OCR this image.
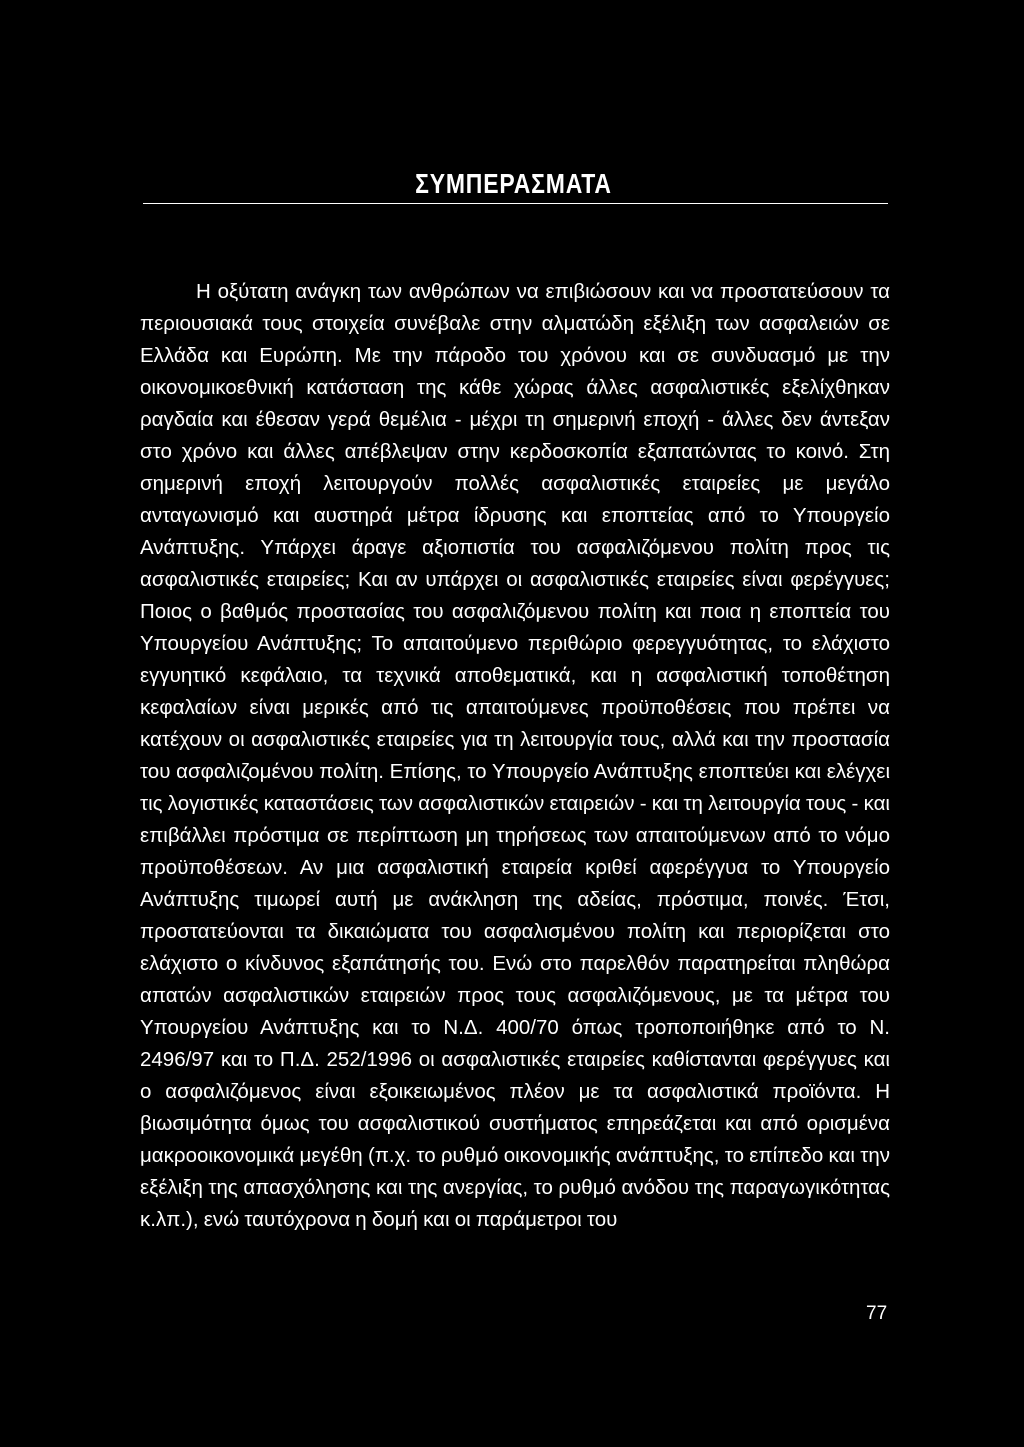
ΣΥΜΠΕΡΑΣΜΑΤΑ

Η οξύτατη ανάγκη των ανθρώπων να επιβιώσουν και να προστατεύσουν τα περιουσιακά τους στοιχεία συνέβαλε στην αλματώδη εξέλιξη των ασφαλειών σε Ελλάδα και Ευρώπη. Με την πάροδο του χρόνου και σε συνδυασμό με την οικονομικοεθνική κατάσταση της κάθε χώρας άλλες ασφαλιστικές εξελίχθηκαν ραγδαία και έθεσαν γερά θεμέλια - μέχρι τη σημερινή εποχή - άλλες δεν άντεξαν στο χρόνο και άλλες απέβλεψαν στην κερδοσκοπία εξαπατώντας το κοινό. Στη σημερινή εποχή λειτουργούν πολλές ασφαλιστικές εταιρείες με μεγάλο ανταγωνισμό και αυστηρά μέτρα ίδρυσης και εποπτείας από το Υπουργείο Ανάπτυξης. Υπάρχει άραγε αξιοπιστία του ασφαλιζόμενου πολίτη προς τις ασφαλιστικές εταιρείες; Και αν υπάρχει οι ασφαλιστικές εταιρείες είναι φερέγγυες; Ποιος ο βαθμός προστασίας του ασφαλιζόμενου πολίτη και ποια η εποπτεία του Υπουργείου Ανάπτυξης; Το απαιτούμενο περιθώριο φερεγγυότητας, το ελάχιστο εγγυητικό κεφάλαιο, τα τεχνικά αποθεματικά, και η ασφαλιστική τοποθέτηση κεφαλαίων είναι μερικές από τις απαιτούμενες προϋποθέσεις που πρέπει να κατέχουν οι ασφαλιστικές εταιρείες για τη λειτουργία τους, αλλά και την προστασία του ασφαλιζομένου πολίτη. Επίσης, το Υπουργείο Ανάπτυξης εποπτεύει και ελέγχει τις λογιστικές καταστάσεις των ασφαλιστικών εταιρειών - και τη λειτουργία τους - και επιβάλλει πρόστιμα σε περίπτωση μη τηρήσεως των απαιτούμενων από το νόμο προϋποθέσεων. Αν μια ασφαλιστική εταιρεία κριθεί αφερέγγυα το Υπουργείο Ανάπτυξης τιμωρεί αυτή με ανάκληση της αδείας, πρόστιμα, ποινές. Έτσι, προστατεύονται τα δικαιώματα του ασφαλισμένου πολίτη και περιορίζεται στο ελάχιστο ο κίνδυνος εξαπάτησής του. Ενώ στο παρελθόν παρατηρείται πληθώρα απατών ασφαλιστικών εταιρειών προς τους ασφαλιζόμενους, με τα μέτρα του Υπουργείου Ανάπτυξης και το Ν.Δ. 400/70 όπως τροποποιήθηκε από το Ν. 2496/97 και το Π.Δ. 252/1996 οι ασφαλιστικές εταιρείες καθίστανται φερέγγυες και ο ασφαλιζόμενος είναι εξοικειωμένος πλέον με τα ασφαλιστικά προϊόντα. Η βιωσιμότητα όμως του ασφαλιστικού συστήματος επηρεάζεται και από ορισμένα μακροοικονομικά μεγέθη (π.χ. το ρυθμό οικονομικής ανάπτυξης, το επίπεδο και την εξέλιξη της απασχόλησης και της ανεργίας, το ρυθμό ανόδου της παραγωγικότητας κ.λπ.), ενώ ταυτόχρονα η δομή και οι παράμετροι του

77
